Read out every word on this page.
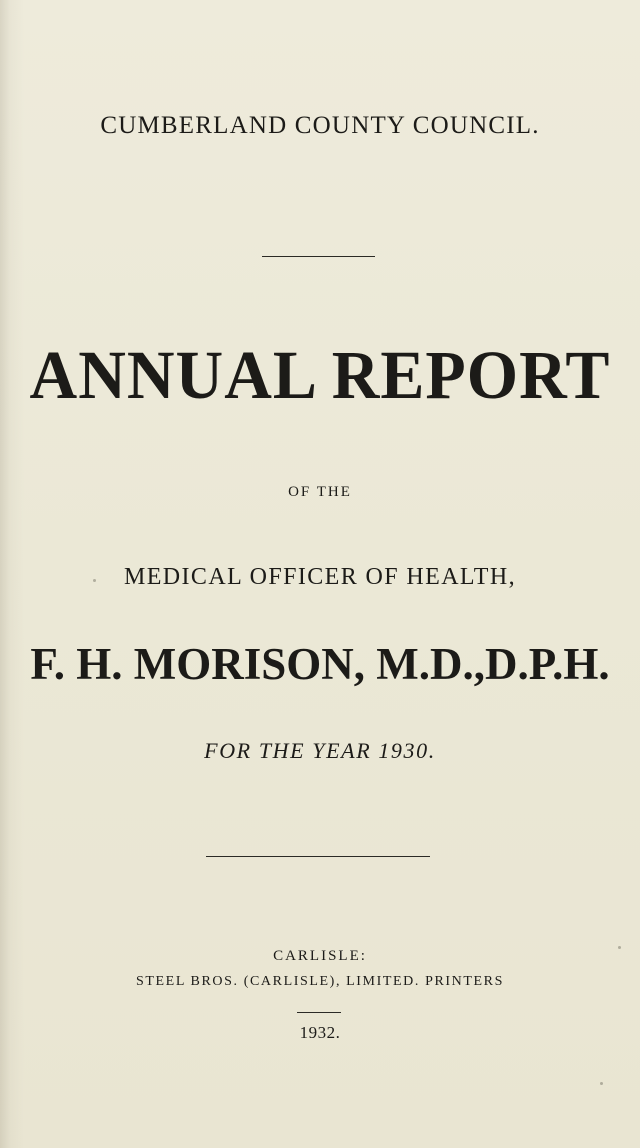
CUMBERLAND COUNTY COUNCIL.
ANNUAL REPORT
OF THE
MEDICAL OFFICER OF HEALTH,
F. H. MORISON, M.D.,D.P.H.
FOR THE YEAR 1930.
CARLISLE:
STEEL BROS. (CARLISLE), LIMITED. PRINTERS
1932.
